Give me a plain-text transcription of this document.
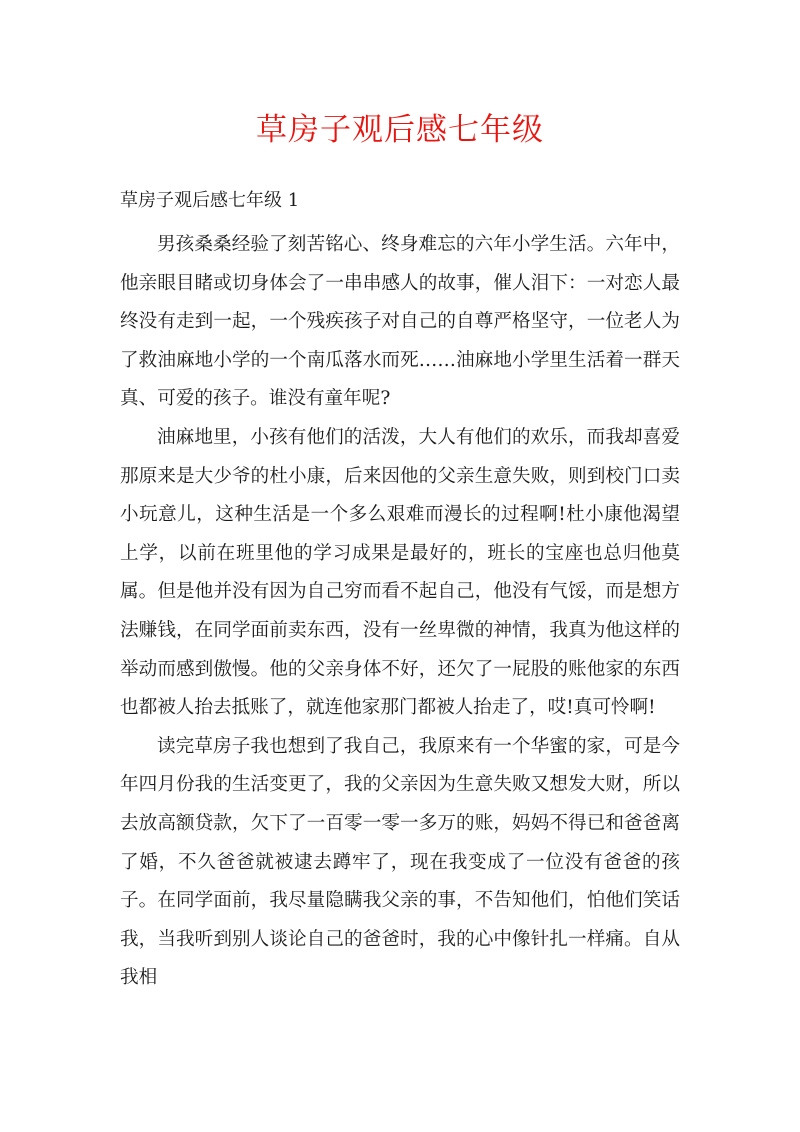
草房子观后感七年级
草房子观后感七年级 1

男孩桑桑经验了刻苦铭心、终身难忘的六年小学生活。六年中，他亲眼目睹或切身体会了一串串感人的故事，催人泪下：一对恋人最终没有走到一起，一个残疾孩子对自己的自尊严格坚守，一位老人为了救油麻地小学的一个南瓜落水而死……油麻地小学里生活着一群天真、可爱的孩子。谁没有童年呢?

油麻地里，小孩有他们的活泼，大人有他们的欢乐，而我却喜爱那原来是大少爷的杜小康，后来因他的父亲生意失败，则到校门口卖小玩意儿，这种生活是一个多么艰难而漫长的过程啊!杜小康他渴望上学，以前在班里他的学习成果是最好的，班长的宝座也总归他莫属。但是他并没有因为自己穷而看不起自己，他没有气馁，而是想方法赚钱，在同学面前卖东西，没有一丝卑微的神情，我真为他这样的举动而感到傲慢。他的父亲身体不好，还欠了一屁股的账他家的东西也都被人抬去抵账了，就连他家那门都被人抬走了，哎!真可怜啊!

读完草房子我也想到了我自己，我原来有一个华蜜的家，可是今年四月份我的生活变更了，我的父亲因为生意失败又想发大财，所以去放高额贷款，欠下了一百零一零一多万的账，妈妈不得已和爸爸离了婚，不久爸爸就被逮去蹲牢了，现在我变成了一位没有爸爸的孩子。在同学面前，我尽量隐瞒我父亲的事，不告知他们，怕他们笑话我，当我听到别人谈论自己的爸爸时，我的心中像针扎一样痛。自从我相
